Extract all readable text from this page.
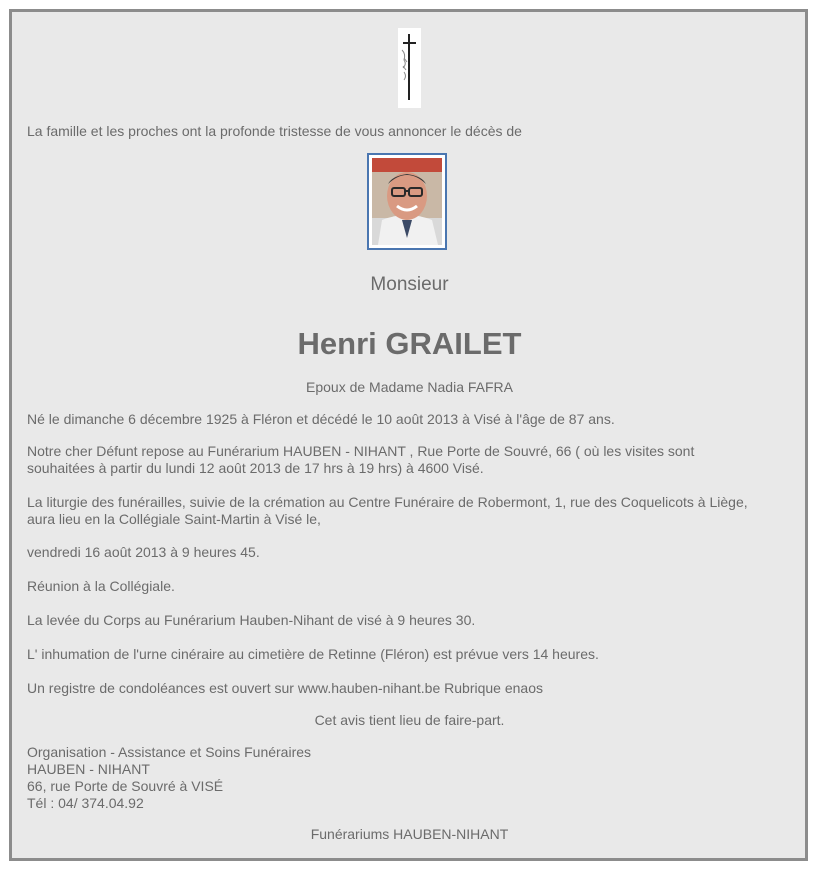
La famille et les proches ont la profonde tristesse de vous annoncer le décès de

Monsieur
Henri GRAILET

Epoux de Madame Nadia FAFRA

Né le dimanche 6 décembre 1925 à Fléron et décédé le 10 août 2013 à Visé à l'âge de 87 ans.

Notre cher Défunt repose au Funérarium HAUBEN - NIHANT , Rue Porte de Souvré, 66 ( où les visites sont

souhaitées à partir du lundi 12 août 2013 de 17 hrs à 19 hrs) à 4600 Visé.

La liturgie des funérailles, suivie de la crémation au Centre Funéraire de Robermont, 1, rue des Coquelicots à Liège,

aura lieu en la Collégiale Saint-Martin à Visé le,

vendredi 16 août 2013 à 9 heures 45.

Réunion à la Collégiale.

La levée du Corps au Funérarium Hauben-Nihant de visé à 9 heures 30.

L' inhumation de l'urne cinéraire au cimetière de Retinne (Fléron) est prévue vers 14 heures.

Un registre de condoléances est ouvert sur www.hauben-nihant.be Rubrique enaos

Cet avis tient lieu de faire-part.

Organisation - Assistance et Soins Funéraires
HAUBEN - NIHANT
66, rue Porte de Souvré à VISÉ
Tél : 04/ 374.04.92

Funérariums HAUBEN-NIHANT
